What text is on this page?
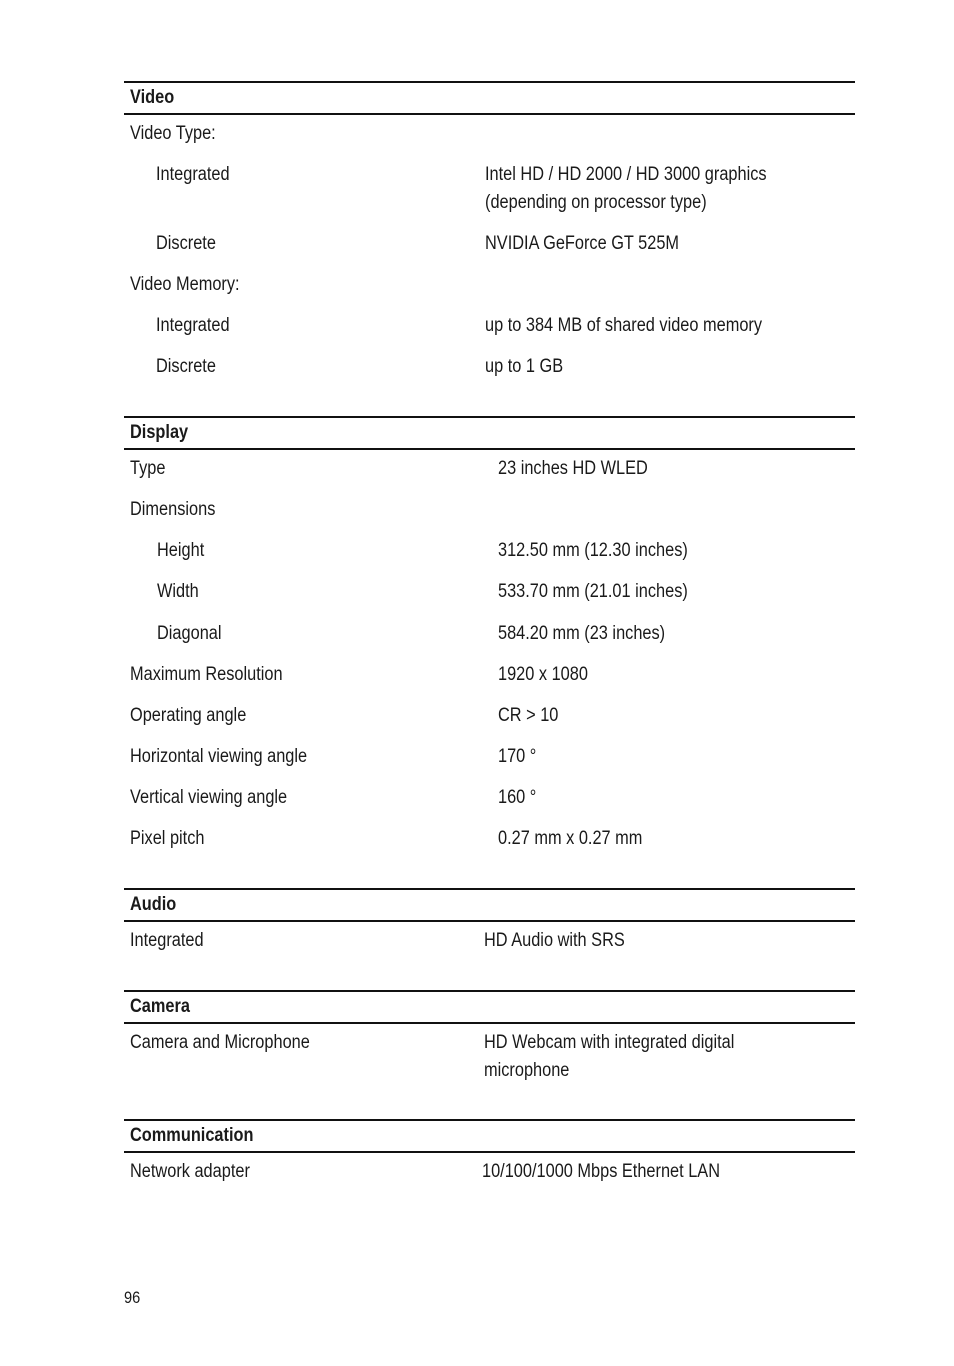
Video
Video Type:
Integrated	Intel HD / HD 2000 / HD 3000 graphics
(depending on processor type)
Discrete	NVIDIA GeForce GT 525M
Video Memory:
Integrated	up to 384 MB of shared video memory
Discrete	up to 1 GB
Display
Type	23 inches HD WLED
Dimensions
Height	312.50 mm (12.30 inches)
Width	533.70 mm (21.01 inches)
Diagonal	584.20 mm (23 inches)
Maximum Resolution	1920 x 1080
Operating angle	CR > 10
Horizontal viewing angle	170 °
Vertical viewing angle	160 °
Pixel pitch	0.27 mm x 0.27 mm
Audio
Integrated	HD Audio with SRS
Camera
Camera and Microphone	HD Webcam with integrated digital
microphone
Communication
Network adapter	10/100/1000 Mbps Ethernet LAN
96
